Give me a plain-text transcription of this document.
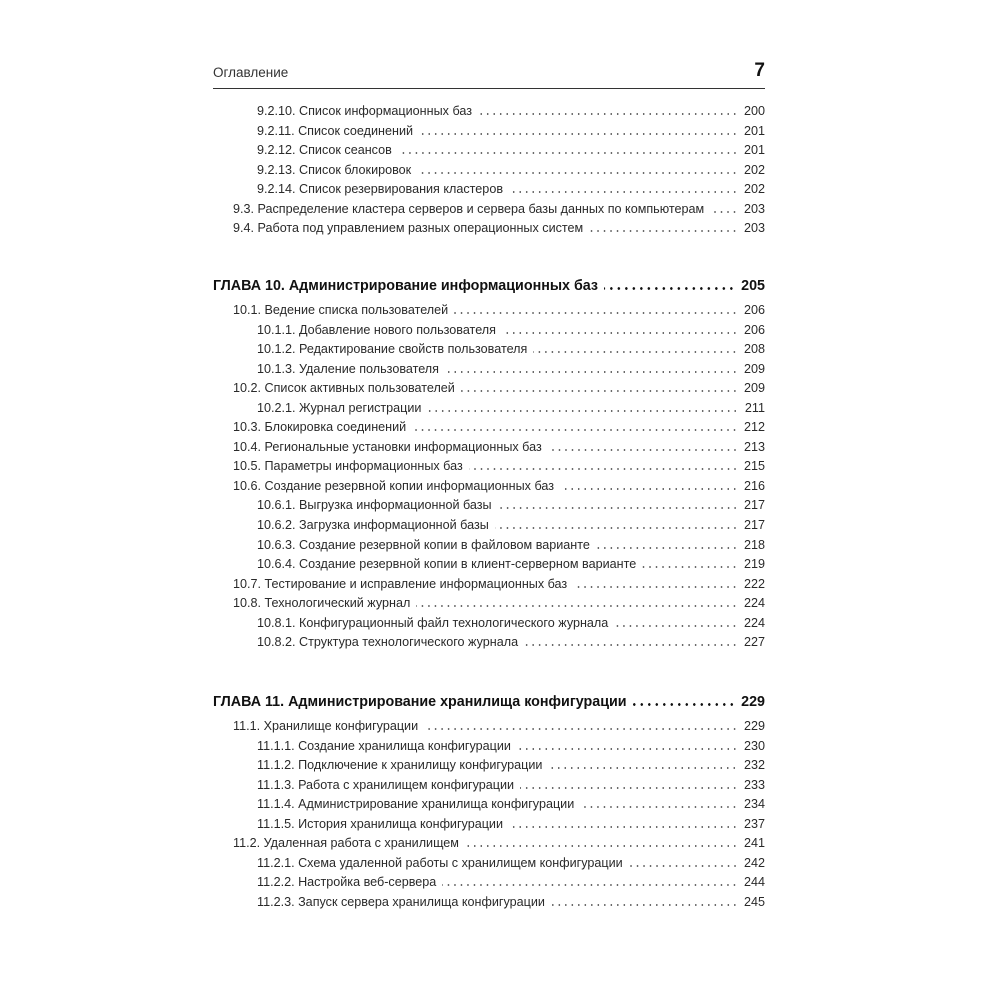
Оглавление	7
9.2.10. Список информационных баз	200
9.2.11. Список соединений	201
9.2.12. Список сеансов	201
9.2.13. Список блокировок	202
9.2.14. Список резервирования кластеров	202
9.3. Распределение кластера серверов и сервера базы данных по компьютерам	203
9.4. Работа под управлением разных операционных систем	203
ГЛАВА 10. Администрирование информационных баз	205
10.1. Ведение списка пользователей	206
10.1.1. Добавление нового пользователя	206
10.1.2. Редактирование свойств пользователя	208
10.1.3. Удаление пользователя	209
10.2. Список активных пользователей	209
10.2.1. Журнал регистрации	211
10.3. Блокировка соединений	212
10.4. Региональные установки информационных баз	213
10.5. Параметры информационных баз	215
10.6. Создание резервной копии информационных баз	216
10.6.1. Выгрузка информационной базы	217
10.6.2. Загрузка информационной базы	217
10.6.3. Создание резервной копии в файловом варианте	218
10.6.4. Создание резервной копии в клиент-серверном варианте	219
10.7. Тестирование и исправление информационных баз	222
10.8. Технологический журнал	224
10.8.1. Конфигурационный файл технологического журнала	224
10.8.2. Структура технологического журнала	227
ГЛАВА 11. Администрирование хранилища конфигурации	229
11.1. Хранилище конфигурации	229
11.1.1. Создание хранилища конфигурации	230
11.1.2. Подключение к хранилищу конфигурации	232
11.1.3. Работа с хранилищем конфигурации	233
11.1.4. Администрирование хранилища конфигурации	234
11.1.5. История хранилища конфигурации	237
11.2. Удаленная работа с хранилищем	241
11.2.1. Схема удаленной работы с хранилищем конфигурации	242
11.2.2. Настройка веб-сервера	244
11.2.3. Запуск сервера хранилища конфигурации	245
